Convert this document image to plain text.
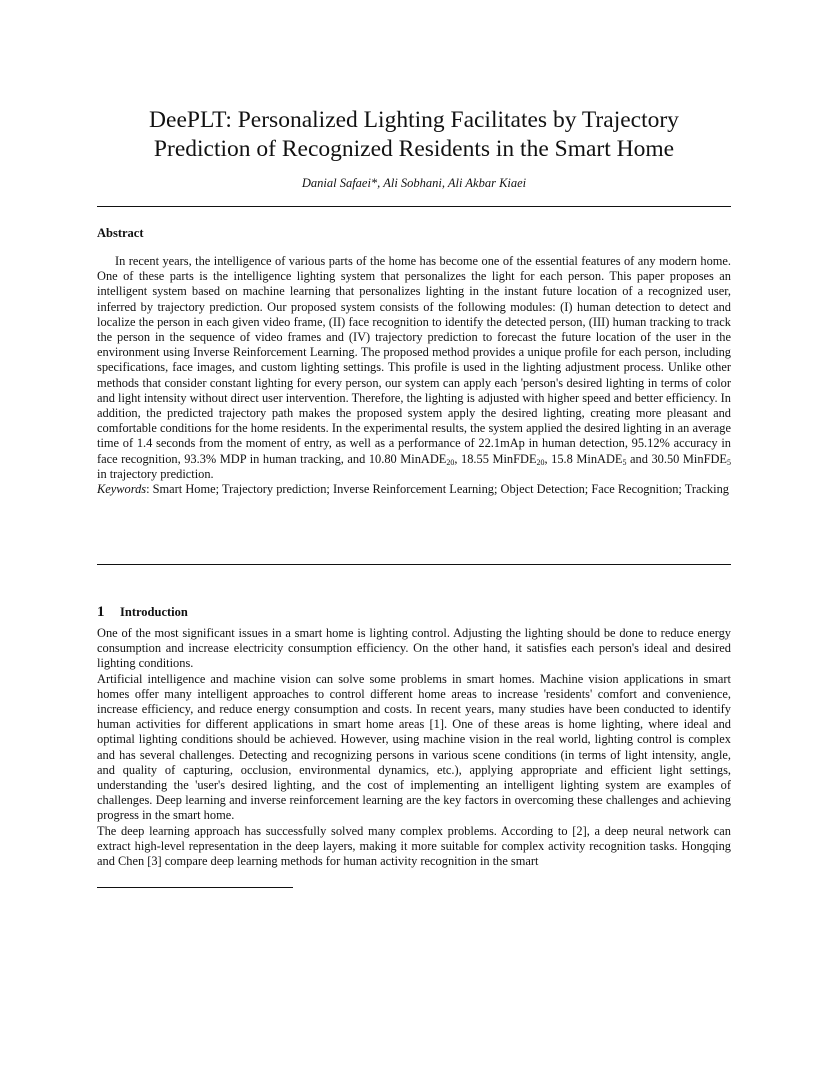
DeePLT: Personalized Lighting Facilitates by Trajectory
Prediction of Recognized Residents in the Smart Home

Danial Safaei*, Ali Sobhani, Ali Akbar Kiaei

Abstract

In recent years, the intelligence of various parts of the home has become one of the essential features of any modern home. One of these parts is the intelligence lighting system that personalizes the light for each person. This paper proposes an intelligent system based on machine learning that personalizes lighting in the instant future location of a recognized user, inferred by trajectory prediction. Our proposed system consists of the following modules: (I) human detection to detect and localize the person in each given video frame, (II) face recognition to identify the detected person, (III) human tracking to track the person in the sequence of video frames and (IV) trajectory prediction to forecast the future location of the user in the environment using Inverse Reinforcement Learning. The proposed method provides a unique profile for each person, including specifications, face images, and custom lighting settings. This profile is used in the lighting adjustment process. Unlike other methods that consider constant lighting for every person, our system can apply each 'person's desired lighting in terms of color and light intensity without direct user intervention. Therefore, the lighting is adjusted with higher speed and better efficiency. In addition, the predicted trajectory path makes the proposed system apply the desired lighting, creating more pleasant and comfortable conditions for the home residents. In the experimental results, the system applied the desired lighting in an average time of 1.4 seconds from the moment of entry, as well as a performance of 22.1mAp in human detection, 95.12% accuracy in face recognition, 93.3% MDP in human tracking, and 10.80 MinADE$_{20}$, 18.55 MinFDE$_{20}$, 15.8 MinADE$_5$ and 30.50 MinFDE$_5$ in trajectory prediction.

Keywords: Smart Home; Trajectory prediction; Inverse Reinforcement Learning; Object Detection; Face Recognition; Tracking

1 Introduction

One of the most significant issues in a smart home is lighting control. Adjusting the lighting should be done to reduce energy consumption and increase electricity consumption efficiency. On the other hand, it satisfies each person's ideal and desired lighting conditions.

Artificial intelligence and machine vision can solve some problems in smart homes. Machine vision applications in smart homes offer many intelligent approaches to control different home areas to increase 'residents' comfort and convenience, increase efficiency, and reduce energy consumption and costs. In recent years, many studies have been conducted to identify human activities for different applications in smart home areas [1]. One of these areas is home lighting, where ideal and optimal lighting conditions should be achieved. However, using machine vision in the real world, lighting control is complex and has several challenges. Detecting and recognizing persons in various scene conditions (in terms of light intensity, angle, and quality of capturing, occlusion, environmental dynamics, etc.), applying appropriate and efficient light settings, understanding the 'user's desired lighting, and the cost of implementing an intelligent lighting system are examples of challenges. Deep learning and inverse reinforcement learning are the key factors in overcoming these challenges and achieving progress in the smart home.

The deep learning approach has successfully solved many complex problems. According to [2], a deep neural network can extract high-level representation in the deep layers, making it more suitable for complex activity recognition tasks. Hongqing and Chen [3] compare deep learning methods for human activity recognition in the smart
